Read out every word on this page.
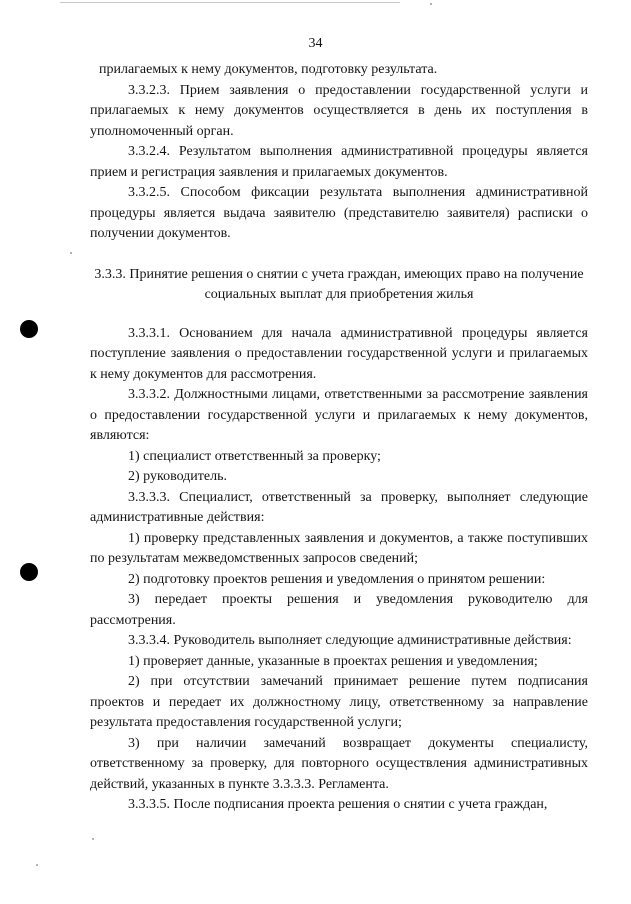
34

прилагаемых к нему документов, подготовку результата.

3.3.2.3. Прием заявления о предоставлении государственной услуги и прилагаемых к нему документов осуществляется в день их поступления в уполномоченный орган.

3.3.2.4. Результатом выполнения административной процедуры является прием и регистрация заявления и прилагаемых документов.

3.3.2.5. Способом фиксации результата выполнения административной процедуры является выдача заявителю (представителю заявителя) расписки о получении документов.

3.3.3. Принятие решения о снятии с учета граждан, имеющих право на получение социальных выплат для приобретения жилья

3.3.3.1. Основанием для начала административной процедуры является поступление заявления о предоставлении государственной услуги и прилагаемых к нему документов для рассмотрения.

3.3.3.2. Должностными лицами, ответственными за рассмотрение заявления о предоставлении государственной услуги и прилагаемых к нему документов, являются:

1) специалист ответственный за проверку;

2) руководитель.

3.3.3.3. Специалист, ответственный за проверку, выполняет следующие административные действия:

1) проверку представленных заявления и документов, а также поступивших по результатам межведомственных запросов сведений;

2) подготовку проектов решения и уведомления о принятом решении:

3) передает проекты решения и уведомления руководителю для рассмотрения.

3.3.3.4. Руководитель выполняет следующие административные действия:

1) проверяет данные, указанные в проектах решения и уведомления;

2) при отсутствии замечаний принимает решение путем подписания проектов и передает их должностному лицу, ответственному за направление результата предоставления государственной услуги;

3) при наличии замечаний возвращает документы специалисту, ответственному за проверку, для повторного осуществления административных действий, указанных в пункте 3.3.3.3. Регламента.

3.3.3.5. После подписания проекта решения о снятии с учета граждан,
